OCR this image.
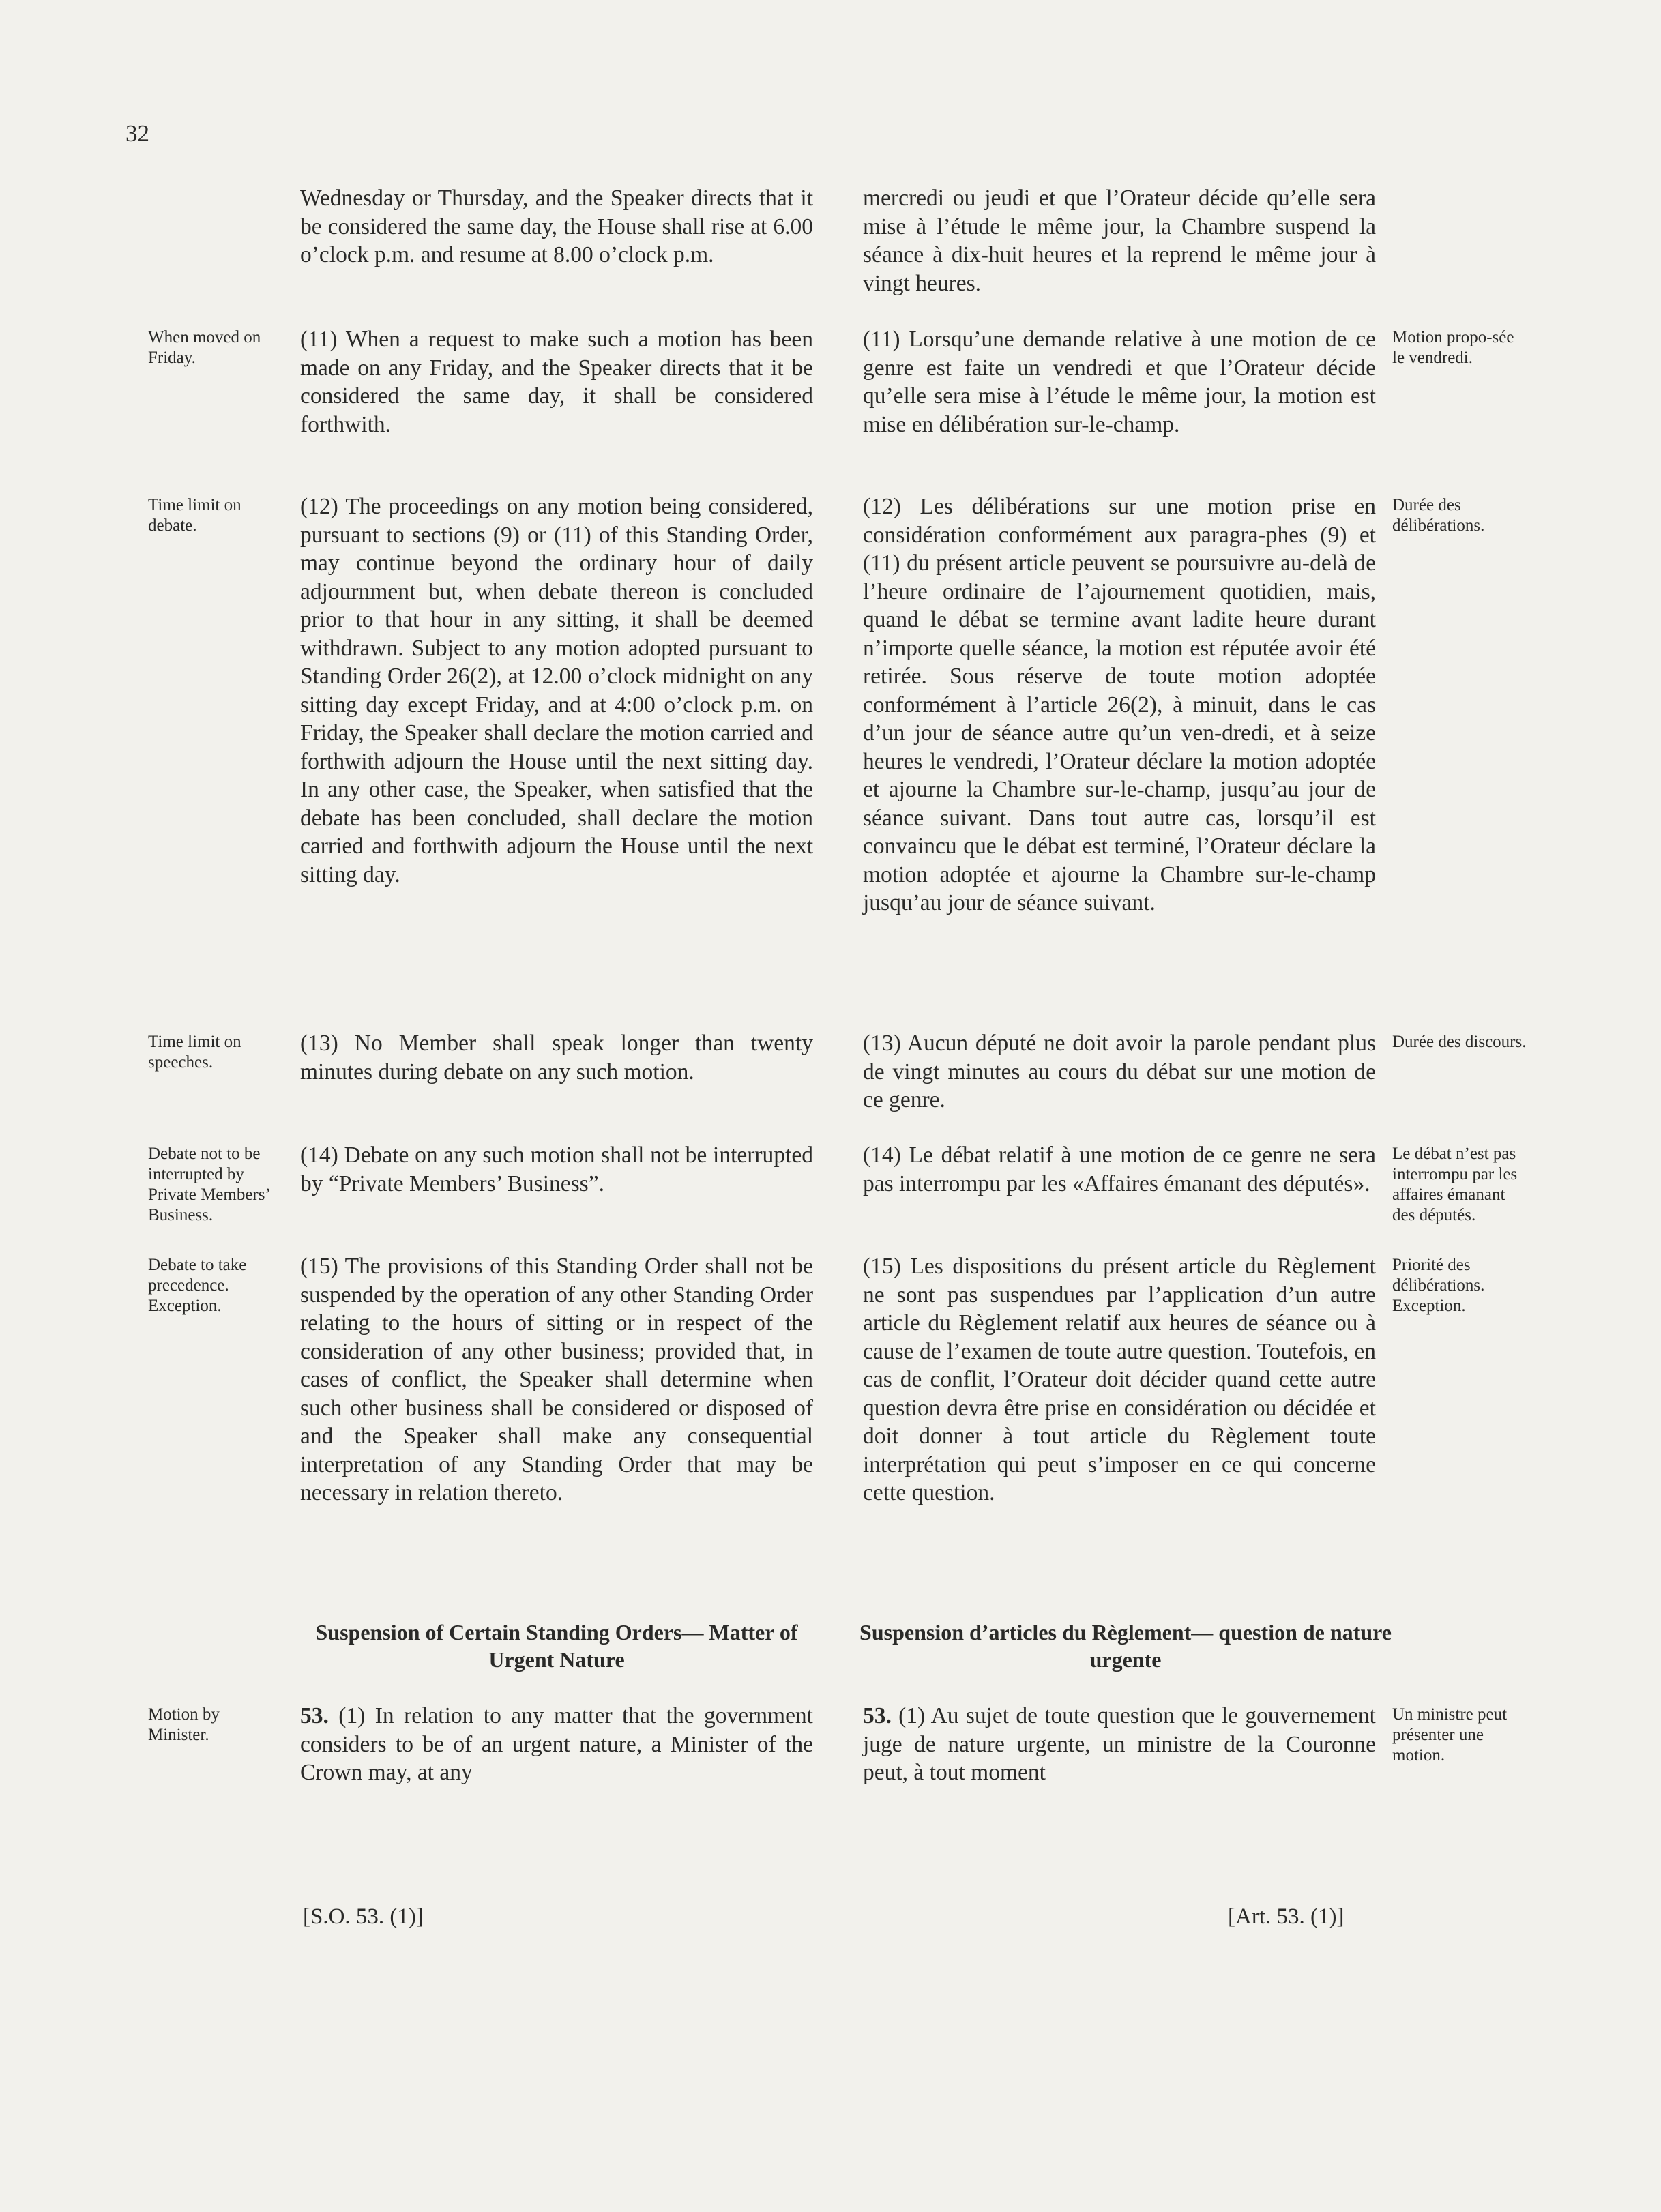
32

Wednesday or Thursday, and the Speaker directs that it be considered the same day, the House shall rise at 6.00 o’clock p.m. and resume at 8.00 o’clock p.m.

(11) When a request to make such a motion has been made on any Friday, and the Speaker directs that it be considered the same day, it shall be considered forthwith.

(12) The proceedings on any motion being considered, pursuant to sections (9) or (11) of this Standing Order, may continue beyond the ordinary hour of daily adjournment but, when debate thereon is concluded prior to that hour in any sitting, it shall be deemed withdrawn. Subject to any motion adopted pursuant to Standing Order 26(2), at 12.00 o’clock midnight on any sitting day except Friday, and at 4:00 o’clock p.m. on Friday, the Speaker shall declare the motion carried and forthwith adjourn the House until the next sitting day. In any other case, the Speaker, when satisfied that the debate has been concluded, shall declare the motion carried and forthwith adjourn the House until the next sitting day.

(13) No Member shall speak longer than twenty minutes during debate on any such motion.

(14) Debate on any such motion shall not be interrupted by “Private Members’ Business”.

(15) The provisions of this Standing Order shall not be suspended by the operation of any other Standing Order relating to the hours of sitting or in respect of the consideration of any other business; provided that, in cases of conflict, the Speaker shall determine when such other business shall be considered or disposed of and the Speaker shall make any consequential interpretation of any Standing Order that may be necessary in relation thereto.

Suspension of Certain Standing Orders— Matter of Urgent Nature

53. (1) In relation to any matter that the government considers to be of an urgent nature, a Minister of the Crown may, at any

[S.O. 53. (1)]

mercredi ou jeudi et que l’Orateur décide qu’elle sera mise à l’étude le même jour, la Chambre suspend la séance à dix-huit heures et la reprend le même jour à vingt heures.

(11) Lorsqu’une demande relative à une motion de ce genre est faite un vendredi et que l’Orateur décide qu’elle sera mise à l’étude le même jour, la motion est mise en délibération sur-le-champ.

(12) Les délibérations sur une motion prise en considération conformément aux paragra-phes (9) et (11) du présent article peuvent se poursuivre au-delà de l’heure ordinaire de l’ajournement quotidien, mais, quand le débat se termine avant ladite heure durant n’importe quelle séance, la motion est réputée avoir été retirée. Sous réserve de toute motion adoptée conformément à l’article 26(2), à minuit, dans le cas d’un jour de séance autre qu’un ven-dredi, et à seize heures le vendredi, l’Orateur déclare la motion adoptée et ajourne la Chambre sur-le-champ, jusqu’au jour de séance suivant. Dans tout autre cas, lorsqu’il est convaincu que le débat est terminé, l’Orateur déclare la motion adoptée et ajourne la Chambre sur-le-champ jusqu’au jour de séance suivant.

(13) Aucun député ne doit avoir la parole pendant plus de vingt minutes au cours du débat sur une motion de ce genre.

(14) Le débat relatif à une motion de ce genre ne sera pas interrompu par les «Affaires émanant des députés».

(15) Les dispositions du présent article du Règlement ne sont pas suspendues par l’application d’un autre article du Règlement relatif aux heures de séance ou à cause de l’examen de toute autre question. Toutefois, en cas de conflit, l’Orateur doit décider quand cette autre question devra être prise en considération ou décidée et doit donner à tout article du Règlement toute interprétation qui peut s’imposer en ce qui concerne cette question.

Suspension d’articles du Règlement— question de nature urgente

53. (1) Au sujet de toute question que le gouvernement juge de nature urgente, un ministre de la Couronne peut, à tout moment

[Art. 53. (1)]

When moved on Friday.

Time limit on debate.

Time limit on speeches.

Debate not to be interrupted by Private Members’ Business.

Debate to take precedence. Exception.

Motion by Minister.

Motion propo-sée le vendredi.

Durée des délibérations.

Durée des discours.

Le débat n’est pas interrompu par les affaires émanant des députés.

Priorité des délibérations. Exception.

Un ministre peut présenter une motion.
